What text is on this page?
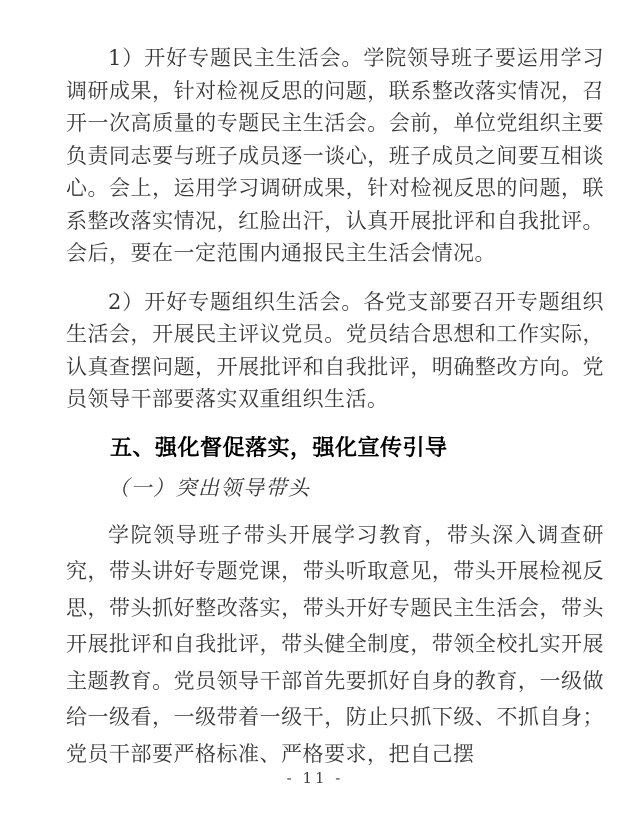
1）开好专题民主生活会。学院领导班子要运用学习调研成果，针对检视反思的问题，联系整改落实情况，召开一次高质量的专题民主生活会。会前，单位党组织主要负责同志要与班子成员逐一谈心，班子成员之间要互相谈心。会上，运用学习调研成果，针对检视反思的问题，联系整改落实情况，红脸出汗，认真开展批评和自我批评。会后，要在一定范围内通报民主生活会情况。

2）开好专题组织生活会。各党支部要召开专题组织生活会，开展民主评议党员。党员结合思想和工作实际，认真查摆问题，开展批评和自我批评，明确整改方向。党员领导干部要落实双重组织生活。

五、强化督促落实，强化宣传引导
（一）突出领导带头

学院领导班子带头开展学习教育，带头深入调查研究，带头讲好专题党课，带头听取意见，带头开展检视反思，带头抓好整改落实，带头开好专题民主生活会，带头开展批评和自我批评，带头健全制度，带领全校扎实开展主题教育。党员领导干部首先要抓好自身的教育，一级做给一级看，一级带着一级干，防止只抓下级、不抓自身；党员干部要严格标准、严格要求，把自己摆

- 11 -
